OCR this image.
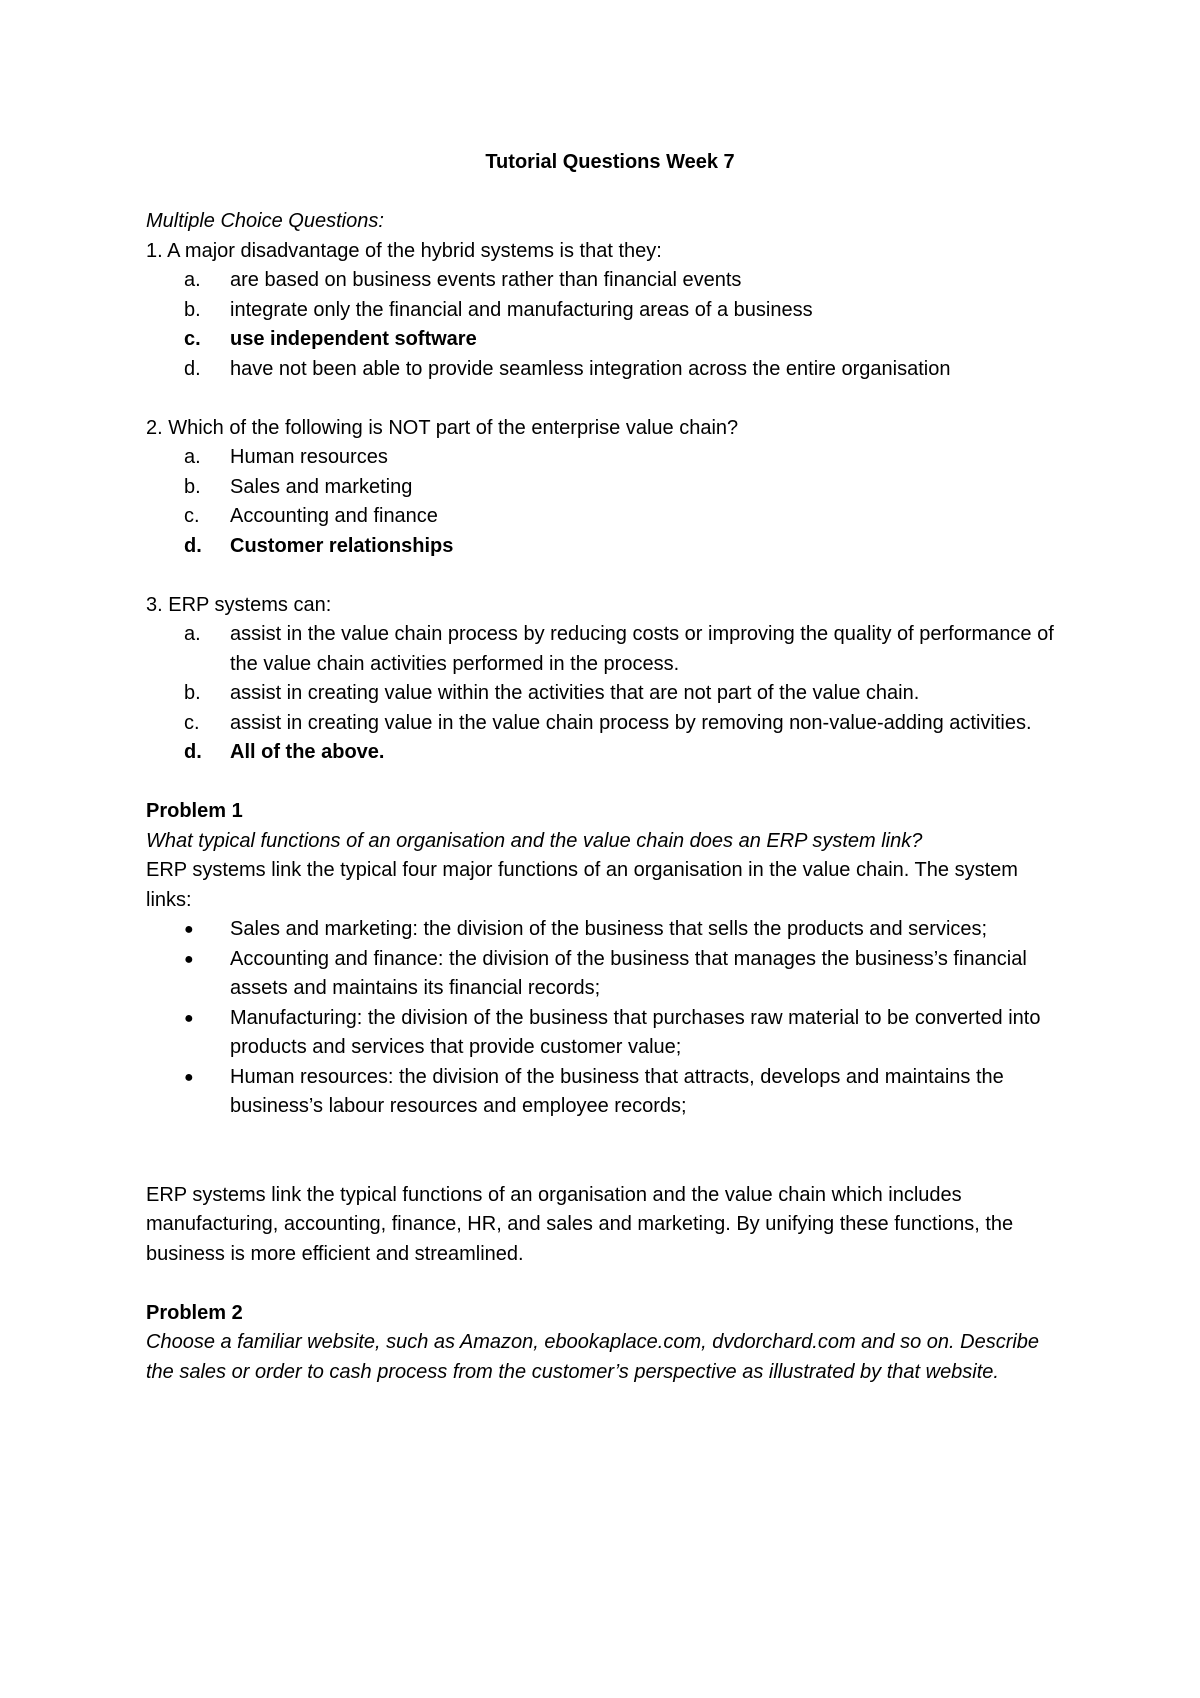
Tutorial Questions Week 7

Multiple Choice Questions:

1. A major disadvantage of the hybrid systems is that they:

a.	are based on business events rather than financial events
b.	integrate only the financial and manufacturing areas of a business
c.	use independent software
d.	have not been able to provide seamless integration across the entire organisation

2. Which of the following is NOT part of the enterprise value chain?

a.	Human resources
b.	Sales and marketing
c.	Accounting and finance
d.	Customer relationships

3. ERP systems can:

a.	assist in the value chain process by reducing costs or improving the quality of performance of the value chain activities performed in the process.
b.	assist in creating value within the activities that are not part of the value chain.
c.	assist in creating value in the value chain process by removing non-value-adding activities.
d.	All of the above.

Problem 1

What typical functions of an organisation and the value chain does an ERP system link?

ERP systems link the typical four major functions of an organisation in the value chain. The system links:

●	Sales and marketing: the division of the business that sells the products and services;
●	Accounting and finance: the division of the business that manages the business’s financial assets and maintains its financial records;
●	Manufacturing: the division of the business that purchases raw material to be converted into products and services that provide customer value;
●	Human resources: the division of the business that attracts, develops and maintains the business’s labour resources and employee records;

ERP systems link the typical functions of an organisation and the value chain which includes manufacturing, accounting, finance, HR, and sales and marketing. By unifying these functions, the business is more efficient and streamlined.

Problem 2

Choose a familiar website, such as Amazon, ebookaplace.com, dvdorchard.com and so on. Describe the sales or order to cash process from the customer’s perspective as illustrated by that website.
